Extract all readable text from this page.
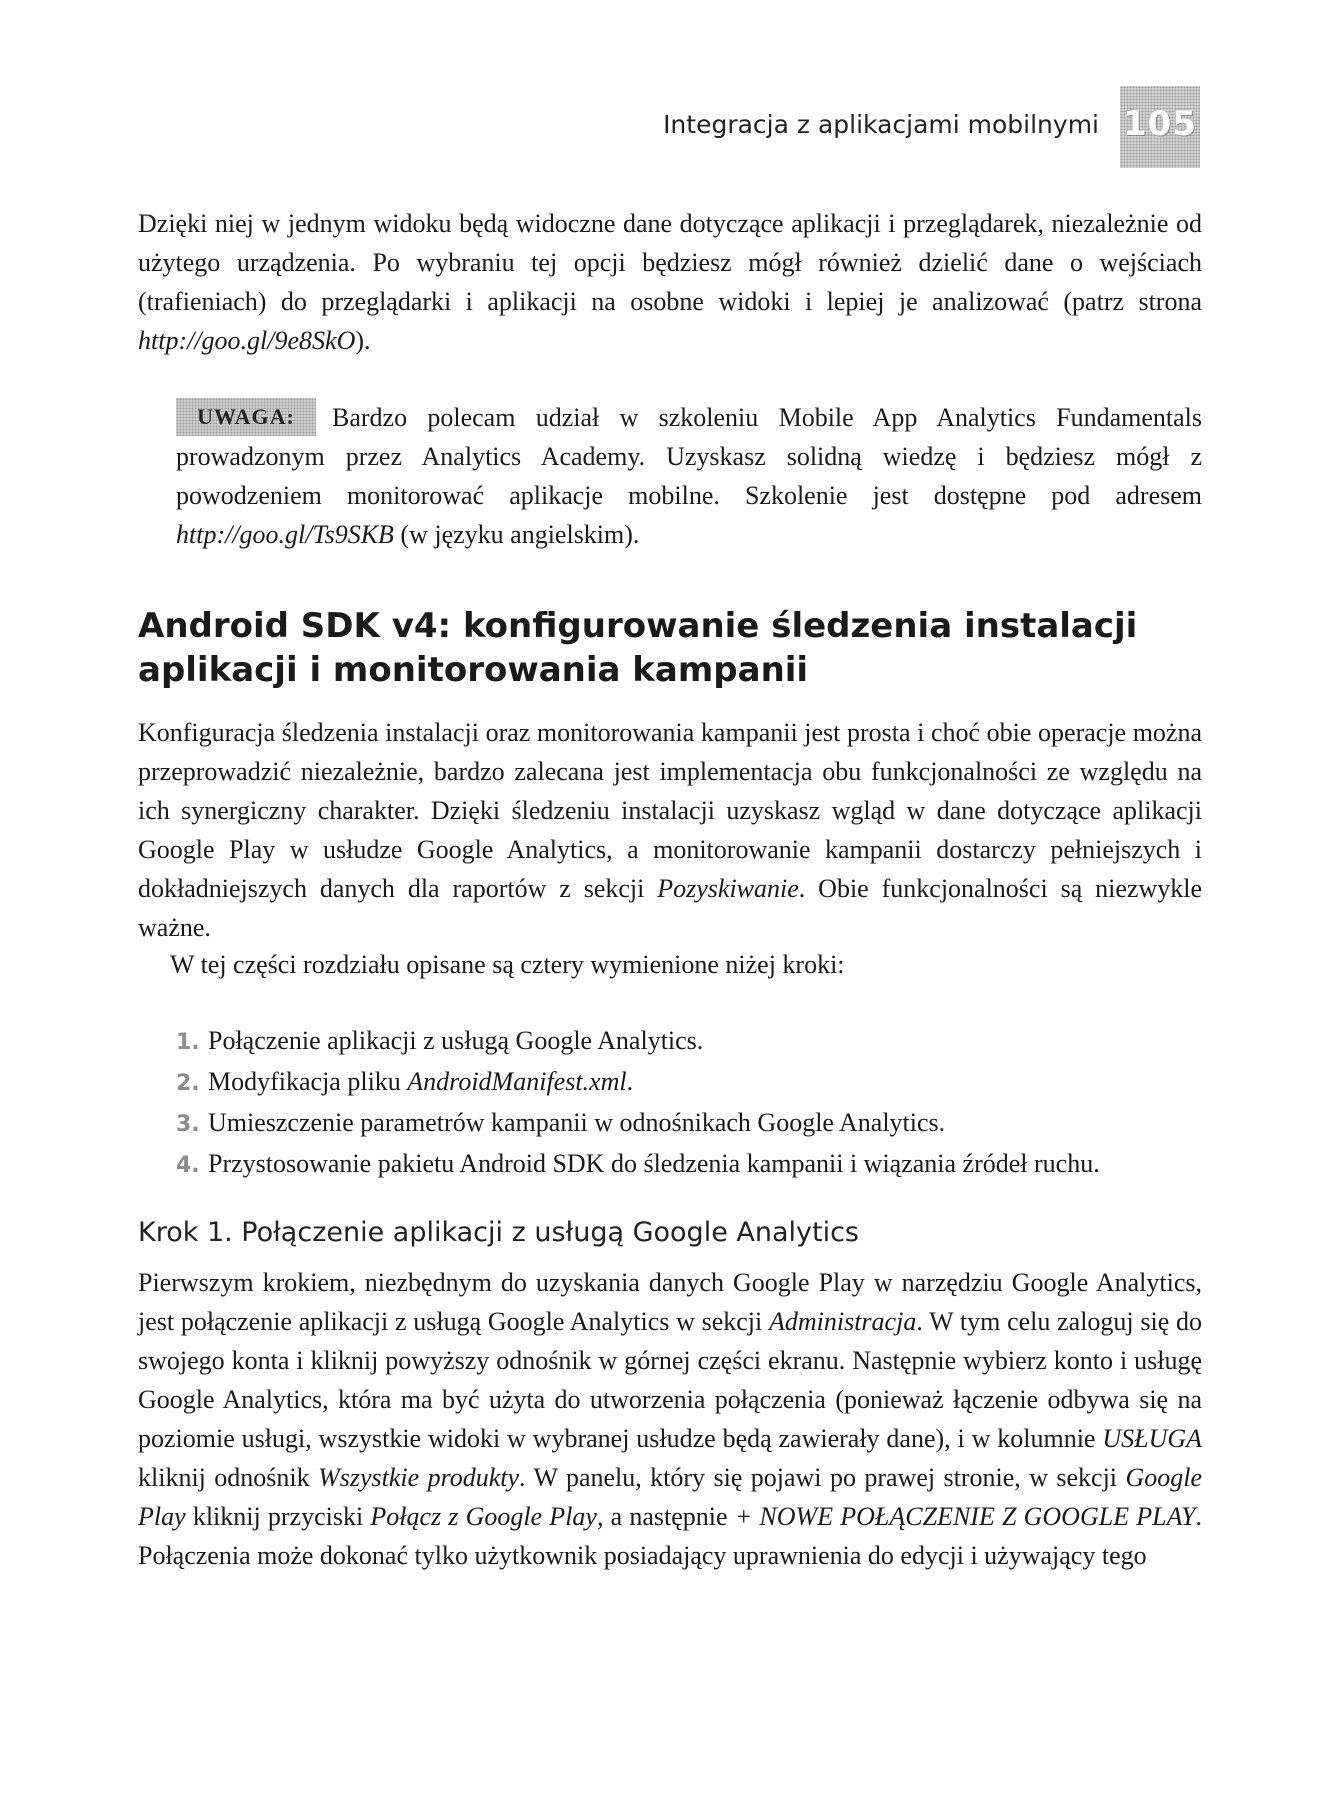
Integracja z aplikacjami mobilnymi 105

Dzięki niej w jednym widoku będą widoczne dane dotyczące aplikacji i przeglądarek, niezależnie od użytego urządzenia. Po wybraniu tej opcji będziesz mógł również dzielić dane o wejściach (trafieniach) do przeglądarki i aplikacji na osobne widoki i lepiej je analizować (patrz strona http://goo.gl/9e8SkO).

UWAGA:	Bardzo polecam udział w szkoleniu Mobile App Analytics Fundamentals prowadzonym przez Analytics Academy. Uzyskasz solidną wiedzę i będziesz mógł z powodzeniem monitorować aplikacje mobilne. Szkolenie jest dostępne pod adresem http://goo.gl/Ts9SKB (w języku angielskim).

Android SDK v4: konfigurowanie śledzenia instalacji aplikacji i monitorowania kampanii

Konfiguracja śledzenia instalacji oraz monitorowania kampanii jest prosta i choć obie operacje można przeprowadzić niezależnie, bardzo zalecana jest implementacja obu funkcjonalności ze względu na ich synergiczny charakter. Dzięki śledzeniu instalacji uzyskasz wgląd w dane dotyczące aplikacji Google Play w usłudze Google Analytics, a monitorowanie kampanii dostarczy pełniejszych i dokładniejszych danych dla raportów z sekcji Pozyskiwanie. Obie funkcjonalności są niezwykle ważne.

W tej części rozdziału opisane są cztery wymienione niżej kroki:

1. Połączenie aplikacji z usługą Google Analytics.
2. Modyfikacja pliku AndroidManifest.xml.
3. Umieszczenie parametrów kampanii w odnośnikach Google Analytics.
4. Przystosowanie pakietu Android SDK do śledzenia kampanii i wiązania źródeł ruchu.
Krok 1. Połączenie aplikacji z usługą Google Analytics

Pierwszym krokiem, niezbędnym do uzyskania danych Google Play w narzędziu Google Analytics, jest połączenie aplikacji z usługą Google Analytics w sekcji Administracja. W tym celu zaloguj się do swojego konta i kliknij powyższy odnośnik w górnej części ekranu. Następnie wybierz konto i usługę Google Analytics, która ma być użyta do utworzenia połączenia (ponieważ łączenie odbywa się na poziomie usługi, wszystkie widoki w wybranej usłudze będą zawierały dane), i w kolumnie USŁUGA kliknij odnośnik Wszystkie produkty. W panelu, który się pojawi po prawej stronie, w sekcji Google Play kliknij przyciski Połącz z Google Play, a następnie + NOWE POŁĄCZENIE Z GOOGLE PLAY. Połączenia może dokonać tylko użytkownik posiadający uprawnienia do edycji i używający tego
